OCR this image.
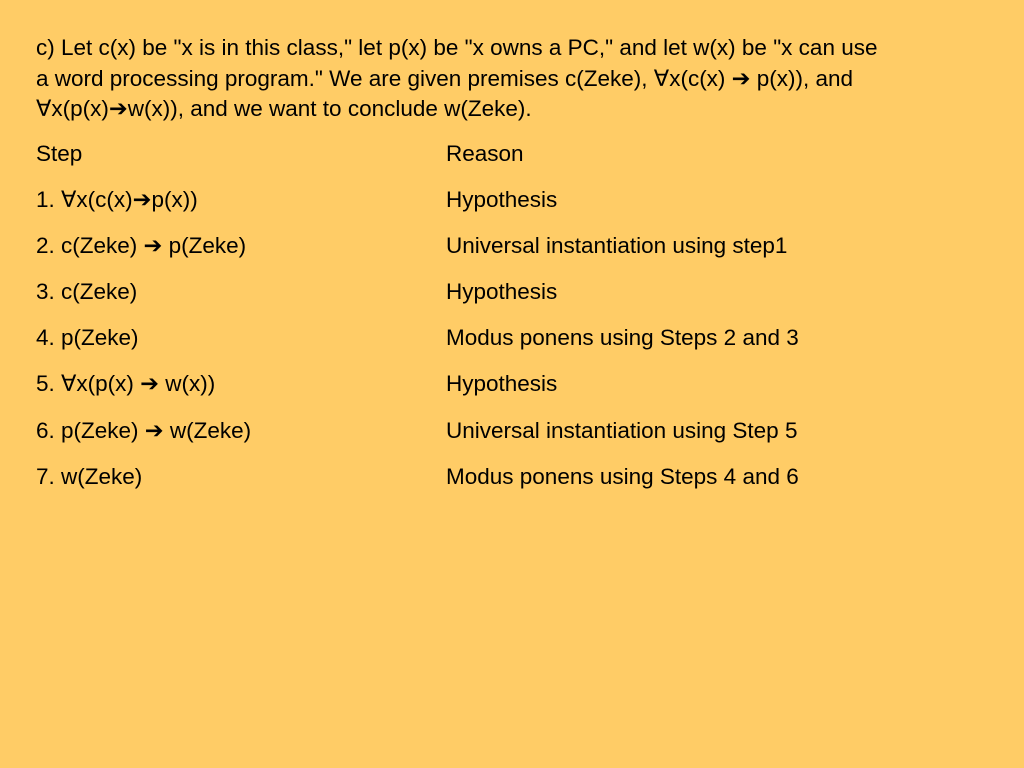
c) Let c(x) be "x is in this class," let p(x) be "x owns a PC," and let w(x) be "x can use
a word processing program." We are given premises c(Zeke), ∀x(c(x) ➔ p(x)), and
∀x(p(x)➔w(x)), and we want to conclude w(Zeke).
Step	Reason
1. ∀x(c(x)➔p(x))	Hypothesis
2. c(Zeke) ➔ p(Zeke)	Universal instantiation using step1
3. c(Zeke)	Hypothesis
4. p(Zeke)	Modus ponens using Steps 2 and 3
5. ∀x(p(x) ➔ w(x))	Hypothesis
6. p(Zeke) ➔ w(Zeke)	Universal instantiation using Step 5
7. w(Zeke)	Modus ponens using Steps 4 and 6
